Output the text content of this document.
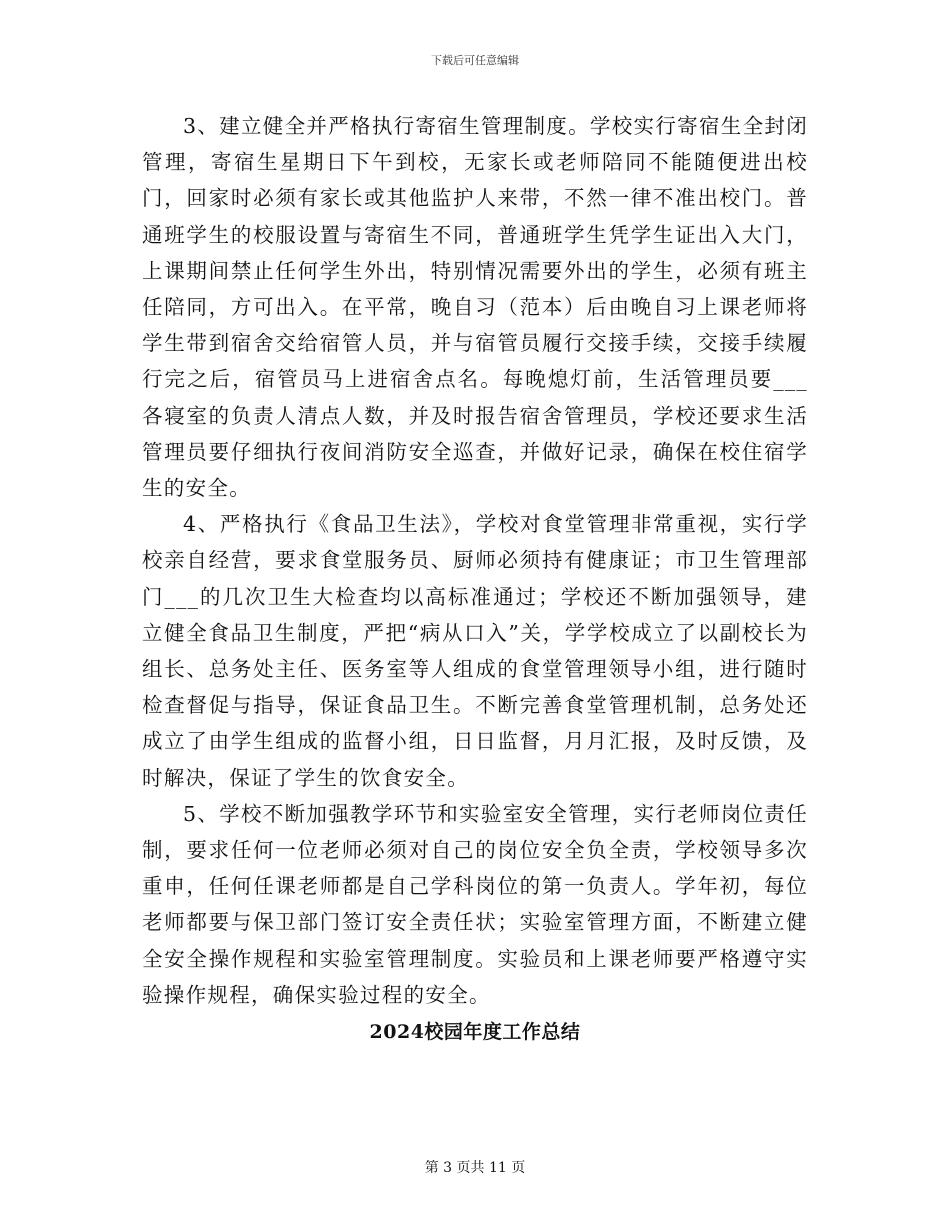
下载后可任意编辑

3、建立健全并严格执行寄宿生管理制度。学校实行寄宿生全封闭管理，寄宿生星期日下午到校，无家长或老师陪同不能随便进出校门，回家时必须有家长或其他监护人来带，不然一律不准出校门。普通班学生的校服设置与寄宿生不同，普通班学生凭学生证出入大门，上课期间禁止任何学生外出，特别情况需要外出的学生，必须有班主任陪同，方可出入。在平常，晚自习（范本）后由晚自习上课老师将学生带到宿舍交给宿管人员，并与宿管员履行交接手续，交接手续履行完之后，宿管员马上进宿舍点名。每晚熄灯前，生活管理员要___各寝室的负责人清点人数，并及时报告宿舍管理员，学校还要求生活管理员要仔细执行夜间消防安全巡查，并做好记录，确保在校住宿学生的安全。

4、严格执行《食品卫生法》，学校对食堂管理非常重视，实行学校亲自经营，要求食堂服务员、厨师必须持有健康证；市卫生管理部门___的几次卫生大检查均以高标准通过；学校还不断加强领导，建立健全食品卫生制度，严把“病从口入”关，学学校成立了以副校长为组长、总务处主任、医务室等人组成的食堂管理领导小组，进行随时检查督促与指导，保证食品卫生。不断完善食堂管理机制，总务处还成立了由学生组成的监督小组，日日监督，月月汇报，及时反馈，及时解决，保证了学生的饮食安全。

5、学校不断加强教学环节和实验室安全管理，实行老师岗位责任制，要求任何一位老师必须对自己的岗位安全负全责，学校领导多次重申，任何任课老师都是自己学科岗位的第一负责人。学年初，每位老师都要与保卫部门签订安全责任状；实验室管理方面，不断建立健全安全操作规程和实验室管理制度。实验员和上课老师要严格遵守实验操作规程，确保实验过程的安全。

2024校园年度工作总结
第 3 页共 11 页
